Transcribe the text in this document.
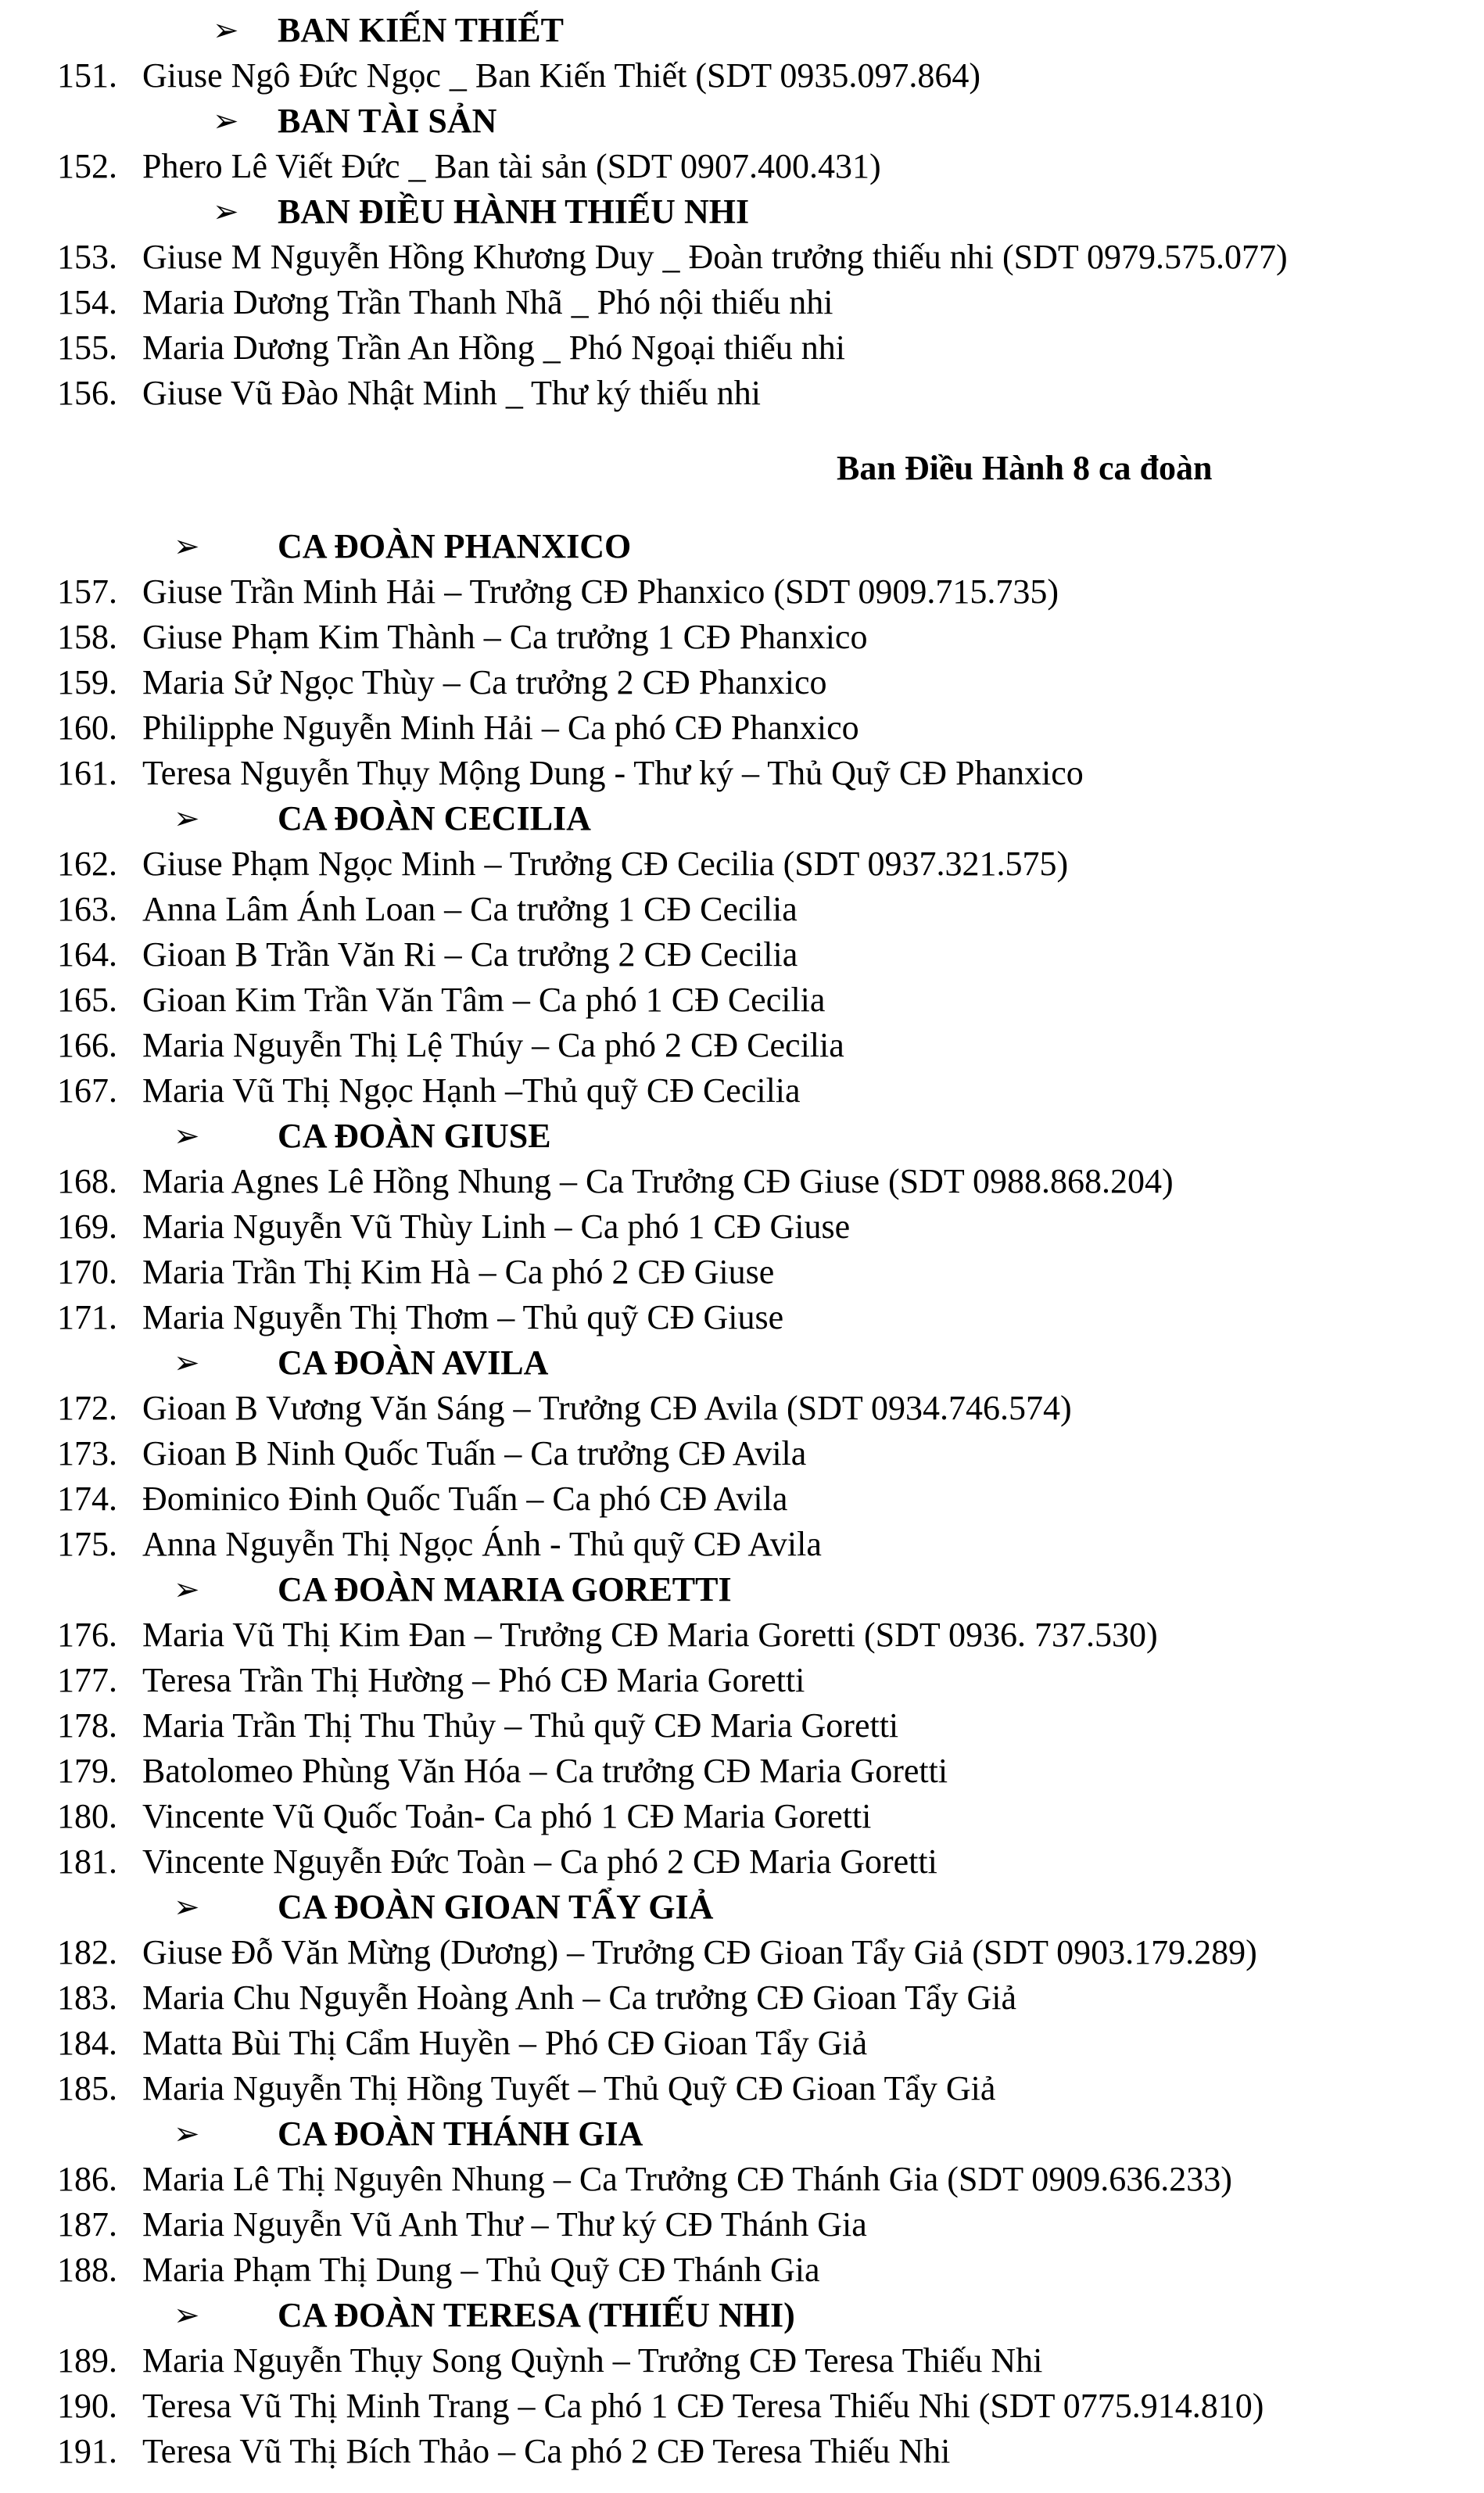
➢ BAN KIẾN THIẾT
151. Giuse Ngô Đức Ngọc _ Ban Kiến Thiết (SDT 0935.097.864)
➢ BAN TÀI SẢN
152. Phero Lê Viết Đức _ Ban tài sản (SDT 0907.400.431)
➢ BAN ĐIỀU HÀNH THIẾU NHI
153. Giuse M Nguyễn Hồng Khương Duy _ Đoàn trưởng thiếu nhi (SDT 0979.575.077)
154. Maria Dương Trần Thanh Nhã _ Phó nội thiếu nhi
155. Maria Dương Trần An Hồng _ Phó Ngoại thiếu nhi
156. Giuse Vũ Đào Nhật Minh _ Thư ký thiếu nhi
Ban Điều Hành 8 ca đoàn
➢ CA ĐOÀN PHANXICO
157. Giuse Trần Minh Hải – Trưởng CĐ Phanxico (SDT 0909.715.735)
158. Giuse Phạm Kim Thành – Ca trưởng 1 CĐ Phanxico
159. Maria Sử Ngọc Thùy – Ca trưởng 2 CĐ Phanxico
160. Philipphe Nguyễn Minh Hải – Ca phó CĐ Phanxico
161. Teresa Nguyễn Thụy Mộng Dung - Thư ký – Thủ Quỹ CĐ Phanxico
➢ CA ĐOÀN CECILIA
162. Giuse Phạm Ngọc Minh – Trưởng CĐ Cecilia (SDT 0937.321.575)
163. Anna Lâm Ánh Loan – Ca trưởng 1 CĐ Cecilia
164. Gioan B Trần Văn Ri – Ca trưởng 2 CĐ Cecilia
165. Gioan Kim Trần Văn Tâm – Ca phó 1 CĐ Cecilia
166. Maria Nguyễn Thị Lệ Thúy – Ca phó 2 CĐ Cecilia
167. Maria Vũ Thị Ngọc Hạnh –Thủ quỹ CĐ Cecilia
➢ CA ĐOÀN GIUSE
168. Maria Agnes Lê Hồng Nhung – Ca Trưởng CĐ Giuse (SDT 0988.868.204)
169. Maria Nguyễn Vũ Thùy Linh – Ca phó 1 CĐ Giuse
170. Maria Trần Thị Kim Hà – Ca phó 2 CĐ Giuse
171. Maria Nguyễn Thị Thơm – Thủ quỹ CĐ Giuse
➢ CA ĐOÀN AVILA
172. Gioan B Vương Văn Sáng – Trưởng CĐ Avila (SDT 0934.746.574)
173. Gioan B Ninh Quốc Tuấn – Ca trưởng CĐ Avila
174. Đominico Đinh Quốc Tuấn – Ca phó CĐ Avila
175. Anna Nguyễn Thị Ngọc Ánh - Thủ quỹ CĐ Avila
➢ CA ĐOÀN MARIA GORETTI
176. Maria Vũ Thị Kim Đan – Trưởng CĐ Maria Goretti (SDT 0936. 737.530)
177. Teresa Trần Thị Hường – Phó CĐ Maria Goretti
178. Maria Trần Thị Thu Thủy – Thủ quỹ CĐ Maria Goretti
179. Batolomeo Phùng Văn Hóa – Ca trưởng CĐ Maria Goretti
180. Vincente Vũ Quốc Toản- Ca phó 1 CĐ Maria Goretti
181. Vincente Nguyễn Đức Toàn – Ca phó 2 CĐ Maria Goretti
➢ CA ĐOÀN GIOAN TẨY GIẢ
182. Giuse Đỗ Văn Mừng (Dương) – Trưởng CĐ Gioan Tẩy Giả (SDT 0903.179.289)
183. Maria Chu Nguyễn Hoàng Anh – Ca trưởng CĐ Gioan Tẩy Giả
184. Matta Bùi Thị Cẩm Huyền – Phó CĐ Gioan Tẩy Giả
185. Maria Nguyễn Thị Hồng Tuyết – Thủ Quỹ CĐ Gioan Tẩy Giả
➢ CA ĐOÀN THÁNH GIA
186. Maria Lê Thị Nguyên Nhung – Ca Trưởng CĐ Thánh Gia (SDT 0909.636.233)
187. Maria Nguyễn Vũ Anh Thư – Thư ký CĐ Thánh Gia
188. Maria Phạm Thị Dung – Thủ Quỹ CĐ Thánh Gia
➢ CA ĐOÀN TERESA (THIẾU NHI)
189. Maria Nguyễn Thụy Song Quỳnh – Trưởng CĐ Teresa Thiếu Nhi
190. Teresa Vũ Thị Minh Trang – Ca phó 1 CĐ Teresa Thiếu Nhi (SDT 0775.914.810)
191. Teresa Vũ Thị Bích Thảo – Ca phó 2 CĐ Teresa Thiếu Nhi
